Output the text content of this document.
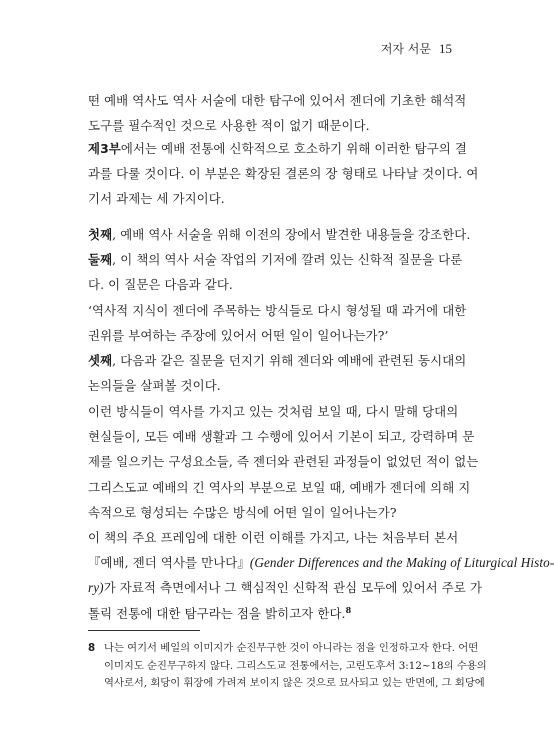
저자 서문 15
떤 예배 역사도 역사 서술에 대한 탐구에 있어서 젠더에 기초한 해석적
도구를 필수적인 것으로 사용한 적이 없기 때문이다.
제3부에서는 예배 전통에 신학적으로 호소하기 위해 이러한 탐구의 결
과를 다룰 것이다. 이 부분은 확장된 결론의 장 형태로 나타날 것이다. 여
기서 과제는 세 가지이다.
첫째, 예배 역사 서술을 위해 이전의 장에서 발견한 내용들을 강조한다.
둘째, 이 책의 역사 서술 작업의 기저에 깔려 있는 신학적 질문을 다룬
다. 이 질문은 다음과 같다.
‘역사적 지식이 젠더에 주목하는 방식들로 다시 형성될 때 과거에 대한
권위를 부여하는 주장에 있어서 어떤 일이 일어나는가?’
셋째, 다음과 같은 질문을 던지기 위해 젠더와 예배에 관련된 동시대의
논의들을 살펴볼 것이다.
이런 방식들이 역사를 가지고 있는 것처럼 보일 때, 다시 말해 당대의
현실들이, 모든 예배 생활과 그 수행에 있어서 기본이 되고, 강력하며 문
제를 일으키는 구성요소들, 즉 젠더와 관련된 과정들이 없었던 적이 없는
그리스도교 예배의 긴 역사의 부분으로 보일 때, 예배가 젠더에 의해 지
속적으로 형성되는 수많은 방식에 어떤 일이 일어나는가?
이 책의 주요 프레임에 대한 이런 이해를 가지고, 나는 처음부터 본서
『예배, 젠더 역사를 만나다』(Gender Differences and the Making of Liturgical Histo-
ry)가 자료적 측면에서나 그 핵심적인 신학적 관심 모두에 있어서 주로 가
톨릭 전통에 대한 탐구라는 점을 밝히고자 한다.$^8$
8 나는 여기서 베일의 이미지가 순진무구한 것이 아니라는 점을 인정하고자 한다. 어떤
이미지도 순진무구하지 않다. 그리스도교 전통에서는, 고린도후서 3:12~18의 수용의
역사로서, 회당이 휘장에 가려져 보이지 않은 것으로 묘사되고 있는 반면에, 그 회당에
